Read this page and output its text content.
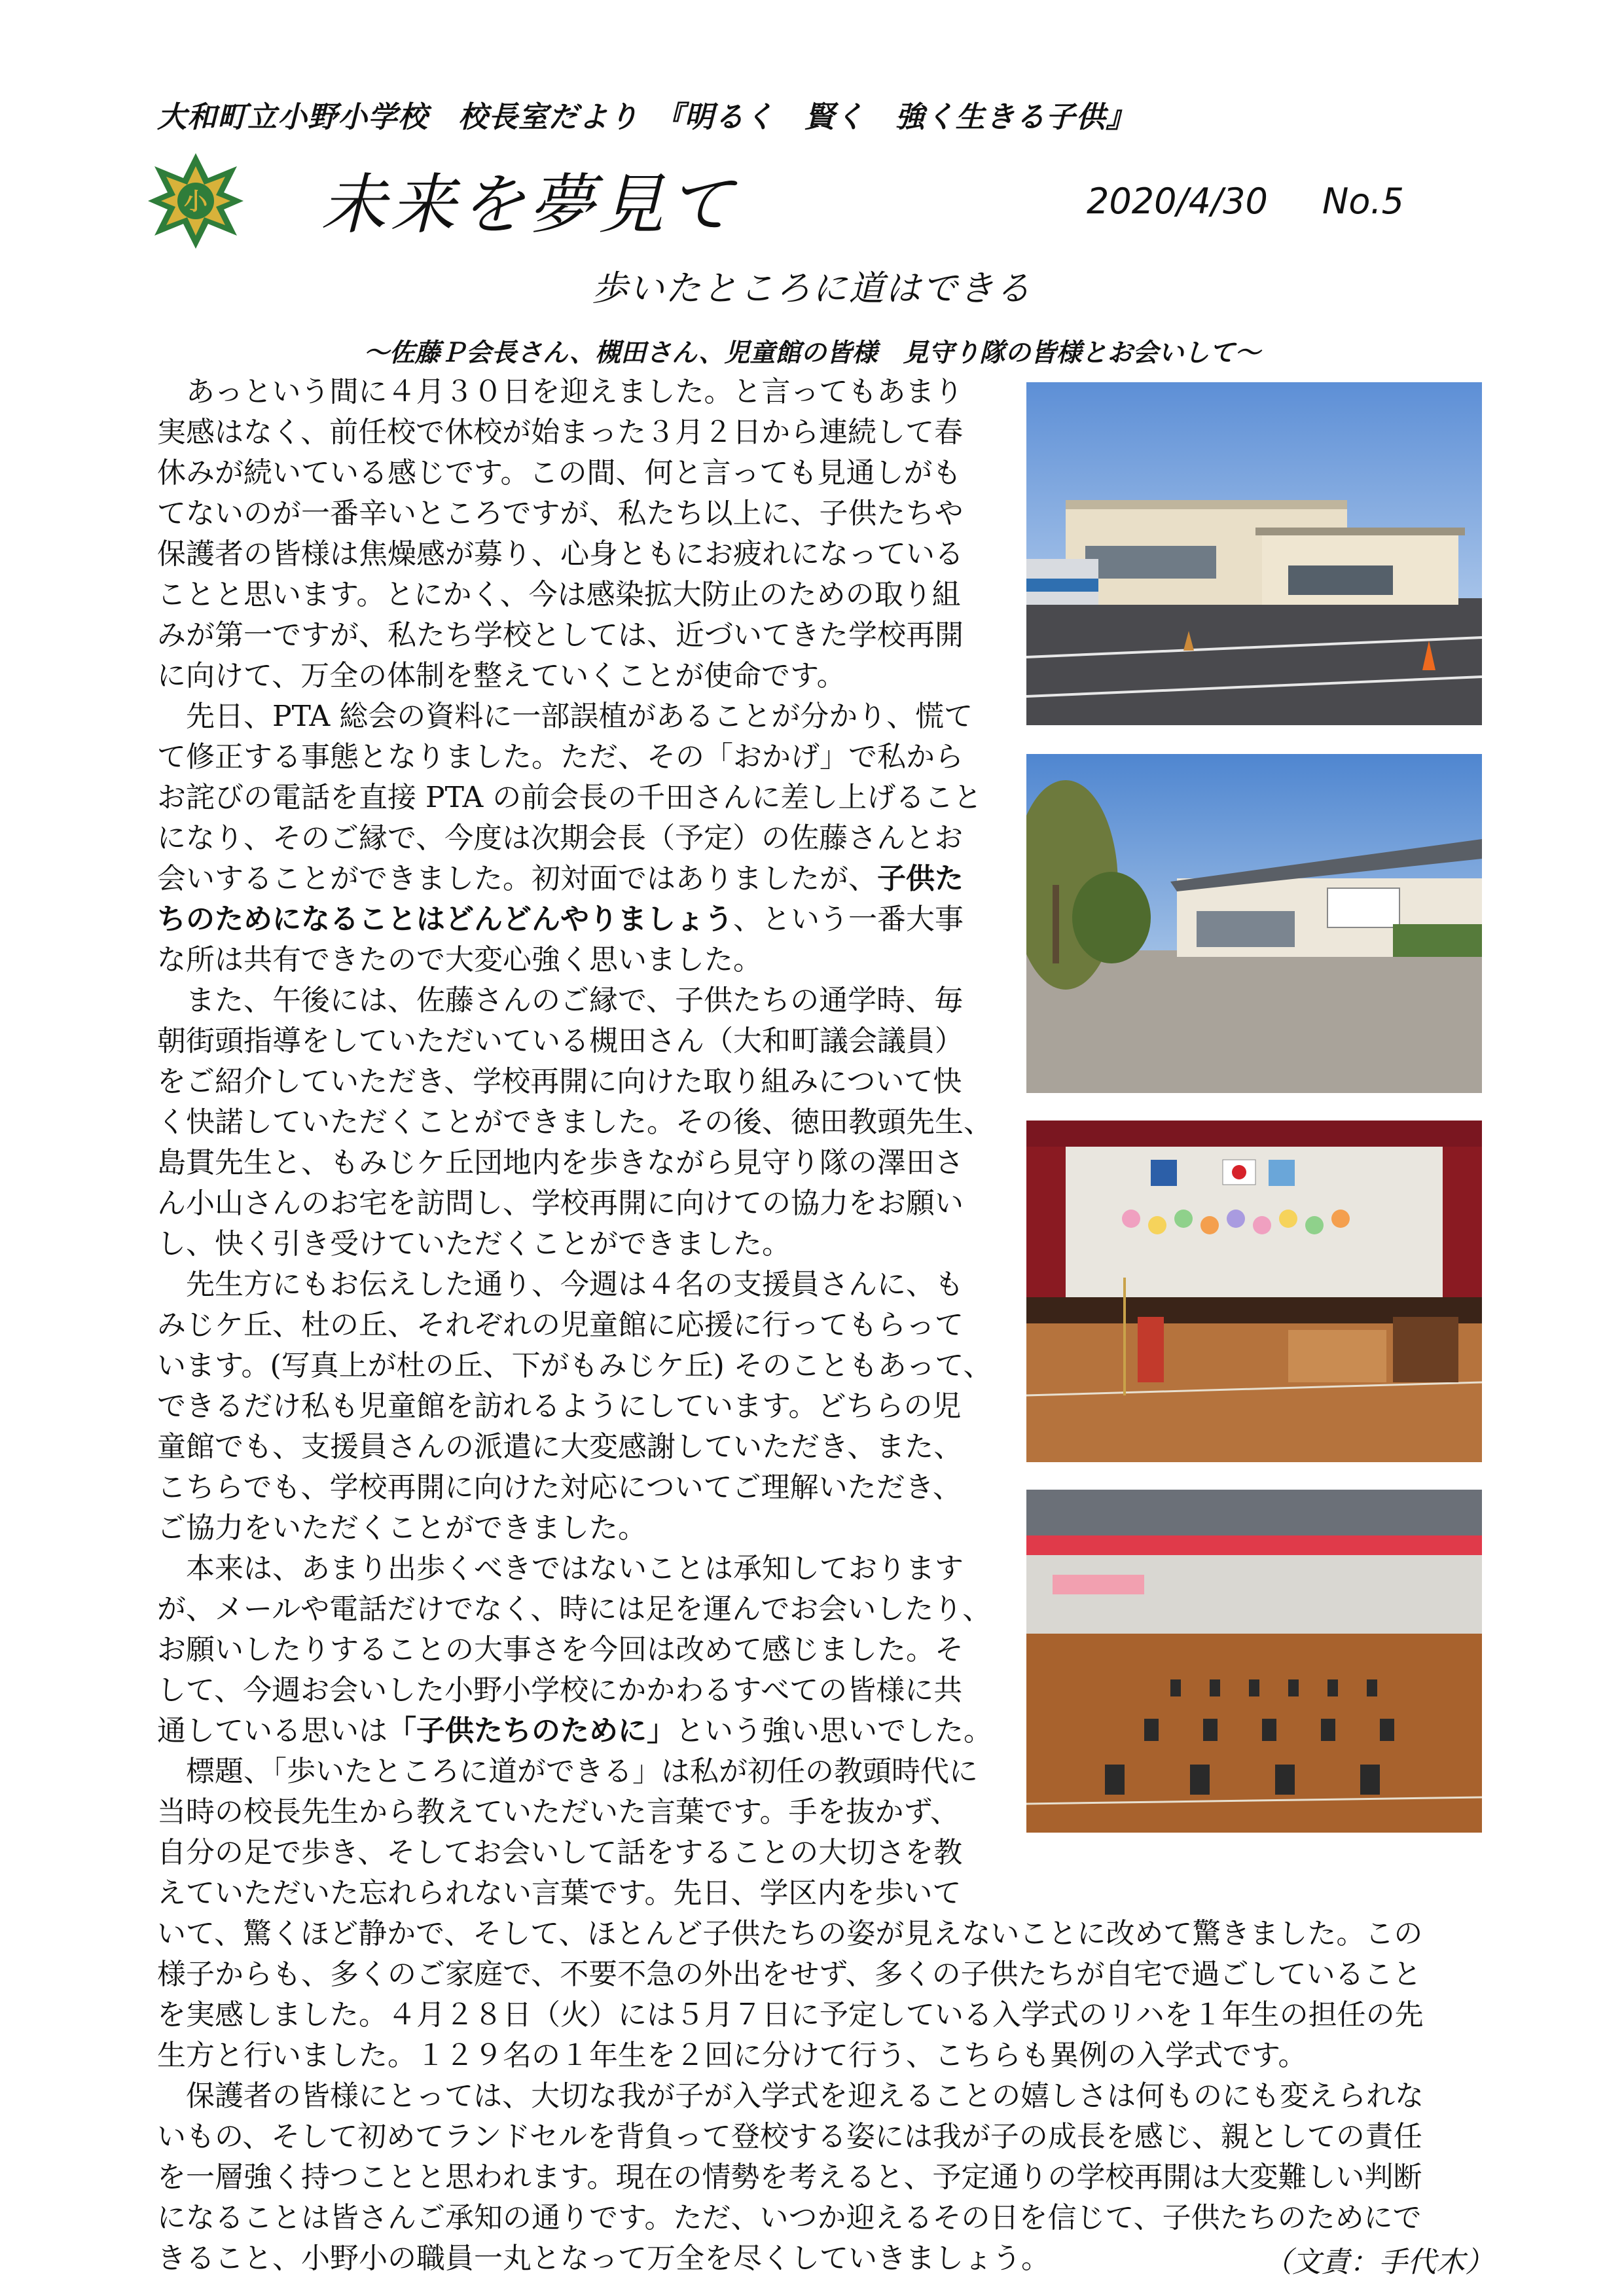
大和町立小野小学校　校長室だより　『明るく　賢く　強く生きる子供』
小 未来を夢見て	2020/4/30 No.5
歩いたところに道はできる
～佐藤Ｐ会長さん、槻田さん、児童館の皆様　見守り隊の皆様とお会いして～
　あっという間に４月３０日を迎えました。と言ってもあまり
実感はなく、前任校で休校が始まった３月２日から連続して春
休みが続いている感じです。この間、何と言っても見通しがも
てないのが一番辛いところですが、私たち以上に、子供たちや
保護者の皆様は焦燥感が募り、心身ともにお疲れになっている
ことと思います。とにかく、今は感染拡大防止のための取り組
みが第一ですが、私たち学校としては、近づいてきた学校再開
に向けて、万全の体制を整えていくことが使命です。
　先日、PTA 総会の資料に一部誤植があることが分かり、慌て
て修正する事態となりました。ただ、その「おかげ」で私から
お詫びの電話を直接 PTA の前会長の千田さんに差し上げること
になり、そのご縁で、今度は次期会長（予定）の佐藤さんとお
会いすることができました。初対面ではありましたが、子供た
ちのためになることはどんどんやりましょう、という一番大事
な所は共有できたので大変心強く思いました。
　また、午後には、佐藤さんのご縁で、子供たちの通学時、毎
朝街頭指導をしていただいている槻田さん（大和町議会議員）
をご紹介していただき、学校再開に向けた取り組みについて快
く快諾していただくことができました。その後、徳田教頭先生、
島貫先生と、もみじケ丘団地内を歩きながら見守り隊の澤田さ
ん小山さんのお宅を訪問し、学校再開に向けての協力をお願い
し、快く引き受けていただくことができました。
　先生方にもお伝えした通り、今週は４名の支援員さんに、も
みじケ丘、杜の丘、それぞれの児童館に応援に行ってもらって
います。(写真上が杜の丘、下がもみじケ丘) そのこともあって、
できるだけ私も児童館を訪れるようにしています。どちらの児
童館でも、支援員さんの派遣に大変感謝していただき、また、
こちらでも、学校再開に向けた対応についてご理解いただき、
ご協力をいただくことができました。
　本来は、あまり出歩くべきではないことは承知しております
が、メールや電話だけでなく、時には足を運んでお会いしたり、
お願いしたりすることの大事さを今回は改めて感じました。そ
して、今週お会いした小野小学校にかかわるすべての皆様に共
通している思いは「子供たちのために」という強い思いでした。
　標題、「歩いたところに道ができる」は私が初任の教頭時代に
当時の校長先生から教えていただいた言葉です。手を抜かず、
自分の足で歩き、そしてお会いして話をすることの大切さを教
えていただいた忘れられない言葉です。先日、学区内を歩いて
いて、驚くほど静かで、そして、ほとんど子供たちの姿が見えないことに改めて驚きました。この
様子からも、多くのご家庭で、不要不急の外出をせず、多くの子供たちが自宅で過ごしていること
を実感しました。４月２８日（火）には５月７日に予定している入学式のリハを１年生の担任の先
生方と行いました。１２９名の１年生を２回に分けて行う、こちらも異例の入学式です。
　保護者の皆様にとっては、大切な我が子が入学式を迎えることの嬉しさは何ものにも変えられな
いもの、そして初めてランドセルを背負って登校する姿には我が子の成長を感じ、親としての責任
を一層強く持つことと思われます。現在の情勢を考えると、予定通りの学校再開は大変難しい判断
になることは皆さんご承知の通りです。ただ、いつか迎えるその日を信じて、子供たちのためにで
きること、小野小の職員一丸となって万全を尽くしていきましょう。	（文責：手代木）
